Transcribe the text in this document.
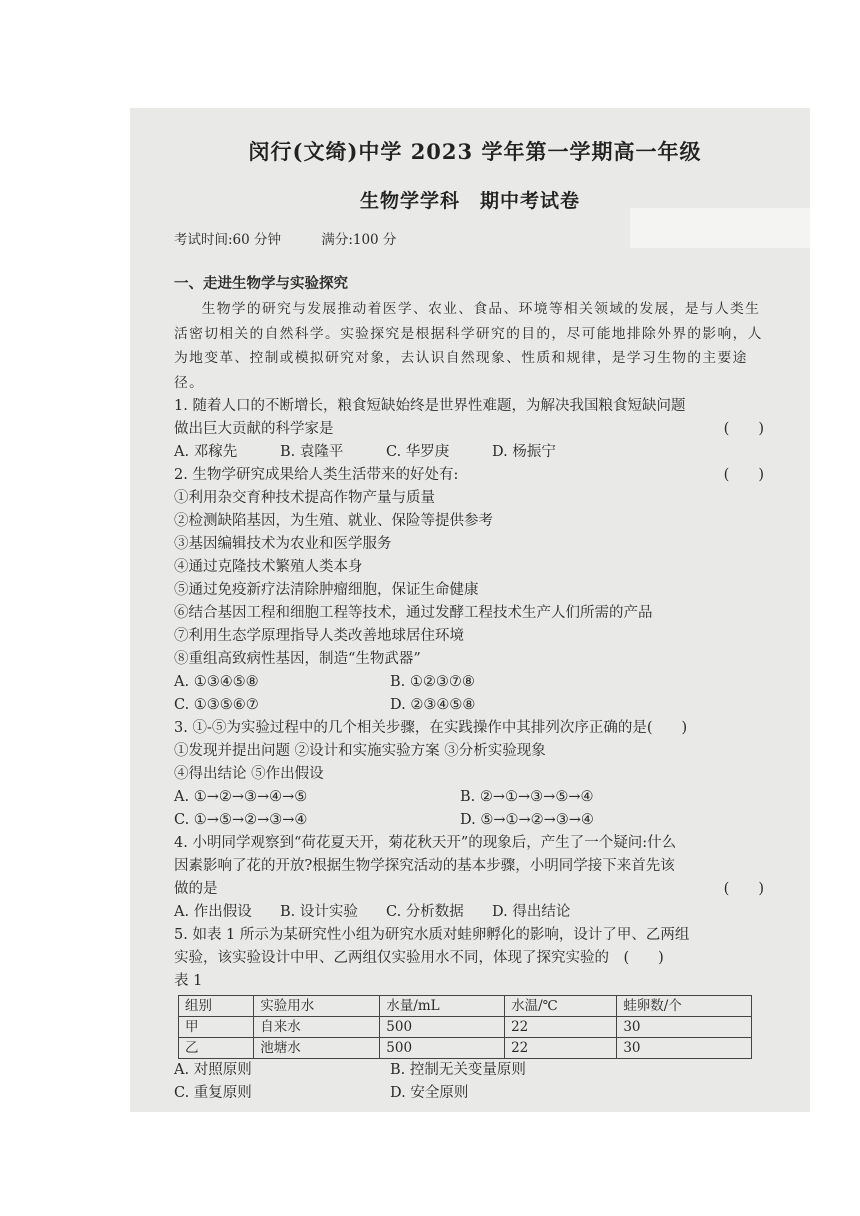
闵行(文绮)中学 2023 学年第一学期高一年级
生物学学科　期中考试卷
考试时间:60 分钟	满分:100 分
一、走进生物学与实验探究
生物学的研究与发展推动着医学、农业、食品、环境等相关领域的发展，是与人类生活密切相关的自然科学。实验探究是根据科学研究的目的，尽可能地排除外界的影响，人为地变革、控制或模拟研究对象，去认识自然现象、性质和规律，是学习生物的主要途径。
1. 随着人口的不断增长，粮食短缺始终是世界性难题，为解决我国粮食短缺问题
做出巨大贡献的科学家是	(　　)
A. 邓稼先	B. 袁隆平	C. 华罗庚	D. 杨振宁
2. 生物学研究成果给人类生活带来的好处有:	(　　)
①利用杂交育种技术提高作物产量与质量
②检测缺陷基因，为生殖、就业、保险等提供参考
③基因编辑技术为农业和医学服务
④通过克隆技术繁殖人类本身
⑤通过免疫新疗法清除肿瘤细胞，保证生命健康
⑥结合基因工程和细胞工程等技术，通过发酵工程技术生产人们所需的产品
⑦利用生态学原理指导人类改善地球居住环境
⑧重组高致病性基因，制造“生物武器”
A. ①③④⑤⑧	B. ①②③⑦⑧
C. ①③⑤⑥⑦	D. ②③④⑤⑧
3. ①-⑤为实验过程中的几个相关步骤，在实践操作中其排列次序正确的是(　　)
①发现并提出问题 ②设计和实施实验方案 ③分析实验现象
④得出结论 ⑤作出假设
A. ①→②→③→④→⑤	B. ②→①→③→⑤→④
C. ①→⑤→②→③→④	D. ⑤→①→②→③→④
4. 小明同学观察到“荷花夏天开，菊花秋天开”的现象后，产生了一个疑问:什么
因素影响了花的开放?根据生物学探究活动的基本步骤，小明同学接下来首先该
做的是	(　　)
A. 作出假设	B. 设计实验	C. 分析数据	D. 得出结论
5. 如表 1 所示为某研究性小组为研究水质对蛙卵孵化的影响，设计了甲、乙两组
实验，该实验设计中甲、乙两组仅实验用水不同，体现了探究实验的　(　　)
表 1
组别	实验用水	水量/mL	水温/℃	蛙卵数/个
甲	自来水	500	22	30
乙	池塘水	500	22	30
A. 对照原则	B. 控制无关变量原则
C. 重复原则	D. 安全原则
